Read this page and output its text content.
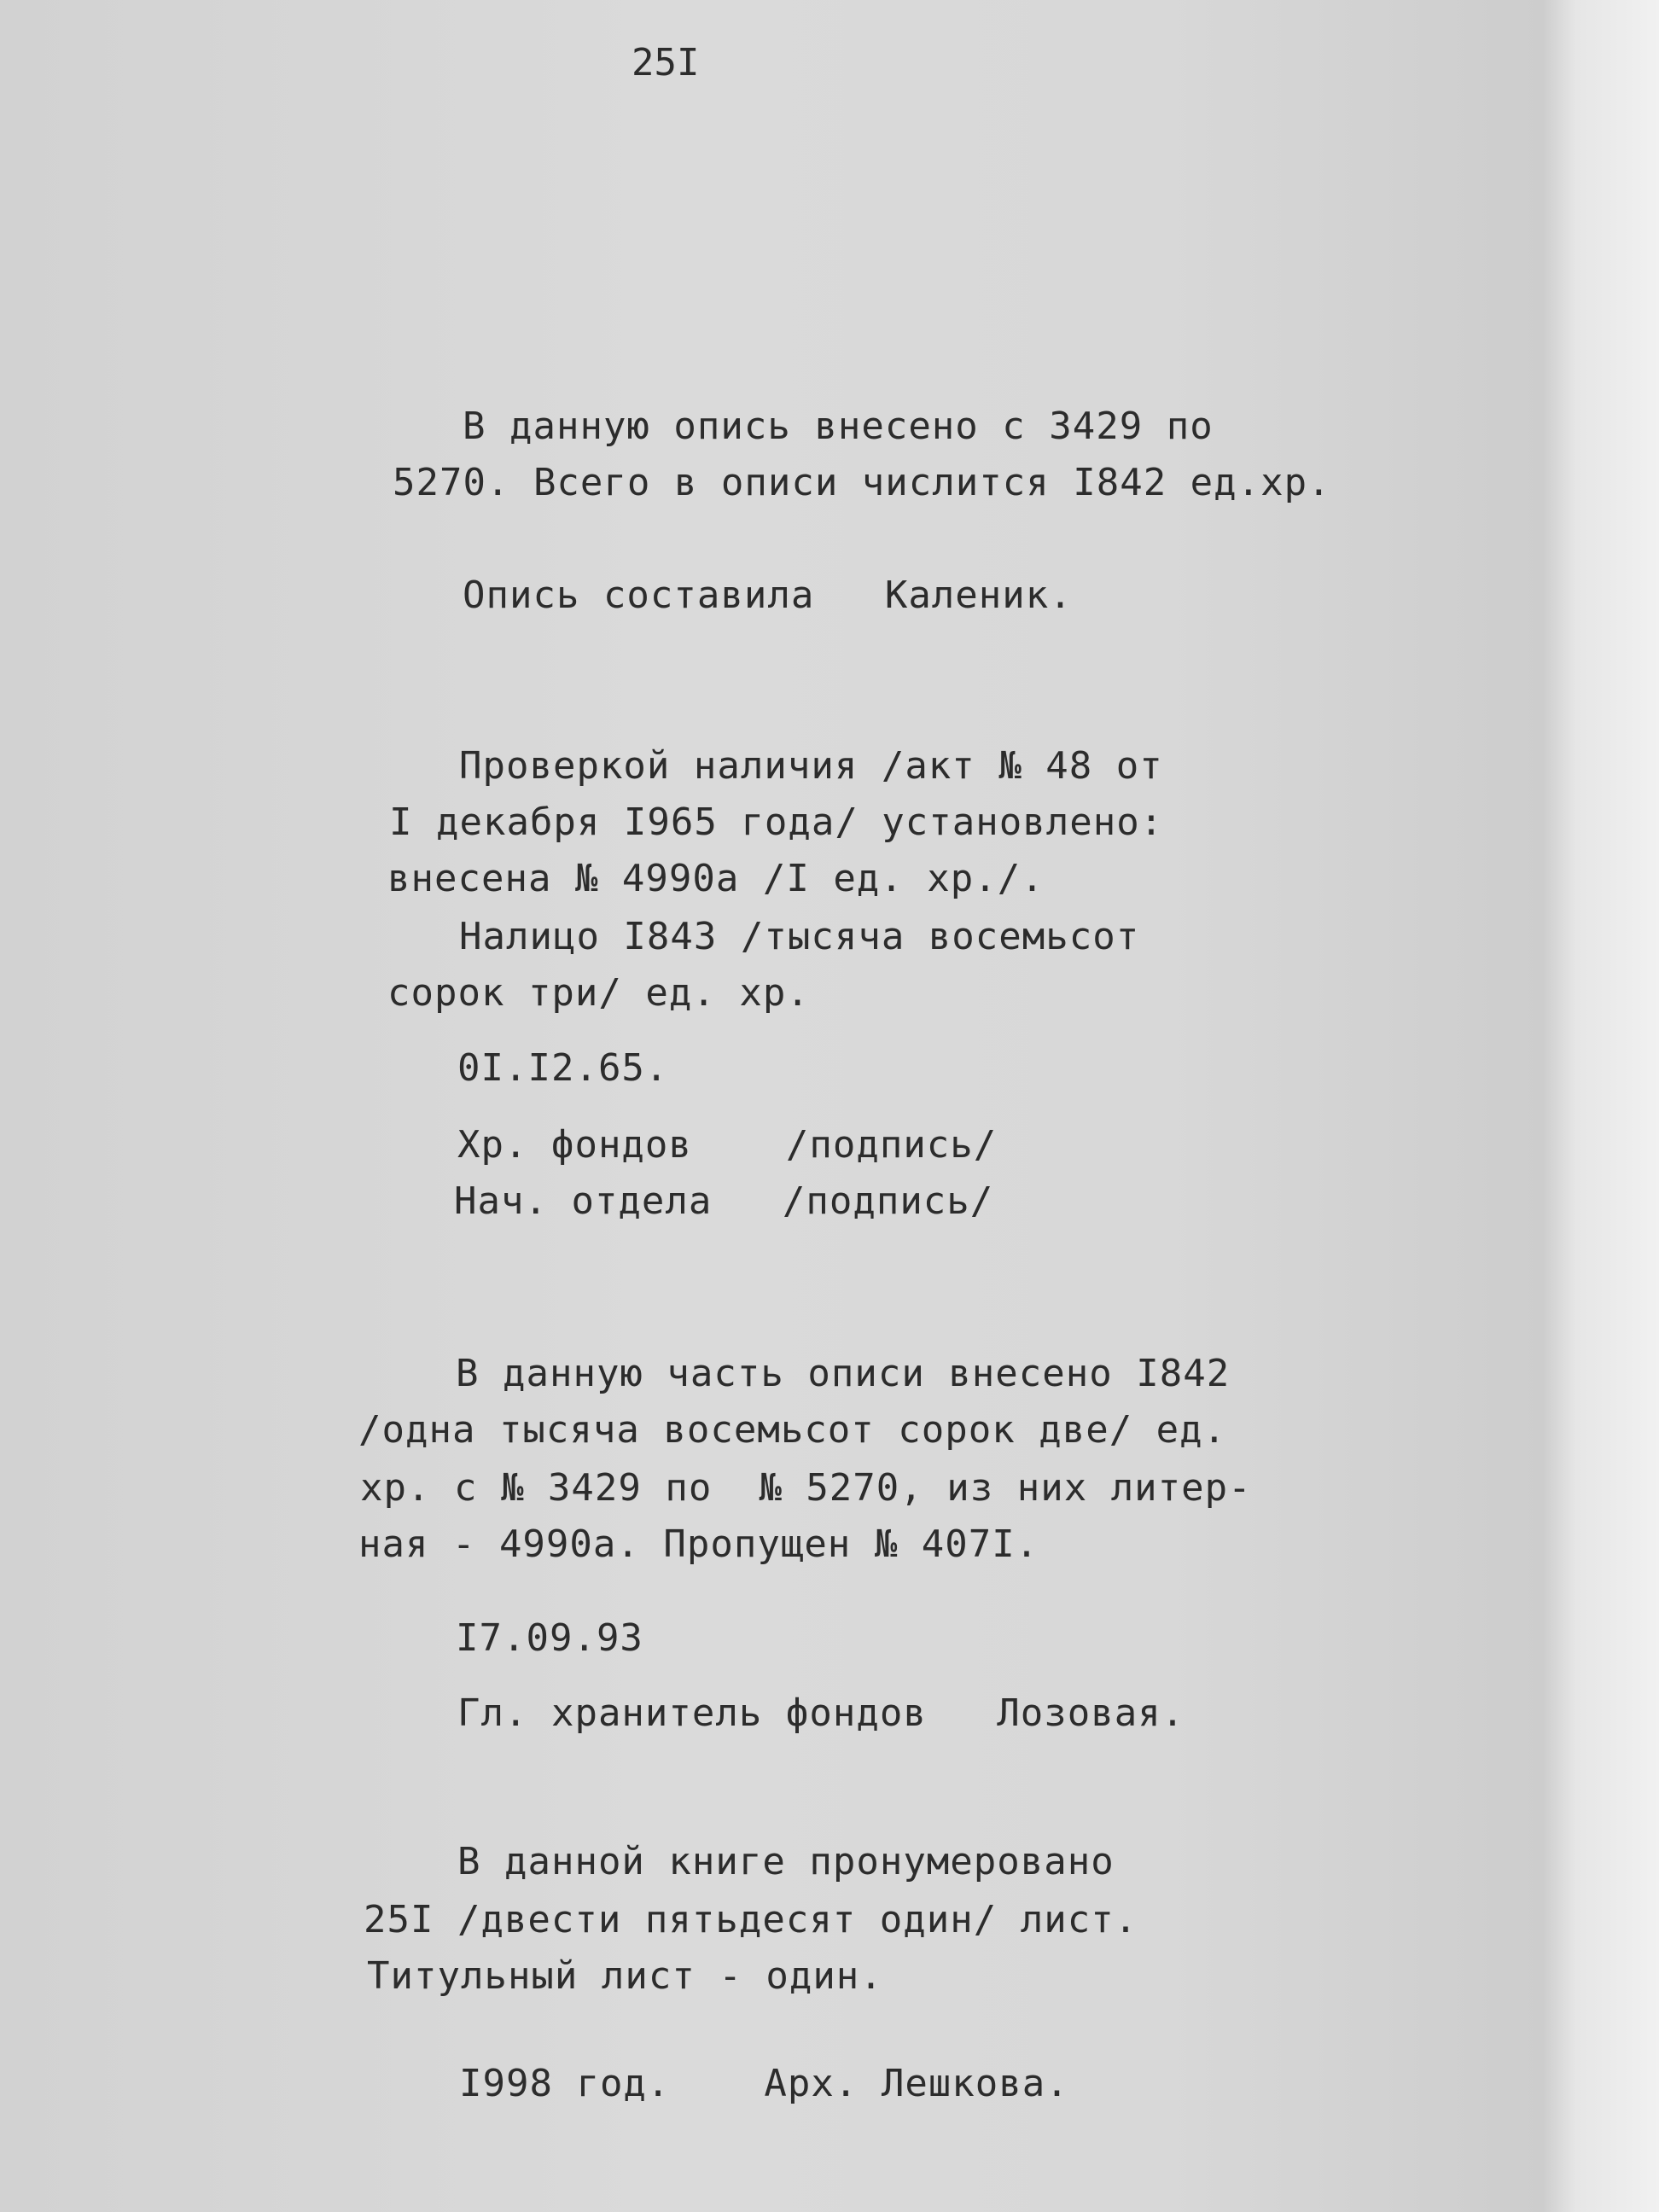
25I
В данную опись внесено с 3429 по
5270. Всего в описи числится I842 ед.хр.
Опись составила   Каленик.
Проверкой наличия /акт № 48 от
I декабря I965 года/ установлено:
внесена № 4990а /I ед. хр./.
Налицо I843 /тысяча восемьсот
сорок три/ ед. хр.
0I.I2.65.
Хр. фондов    /подпись/
Нач. отдела   /подпись/
В данную часть описи внесено I842
/одна тысяча восемьсот сорок две/ ед.
хр. с № 3429 по  № 5270, из них литер-
ная - 4990а. Пропущен № 407I.
I7.09.93
Гл. хранитель фондов   Лозовая.
В данной книге пронумеровано
25I /двести пятьдесят один/ лист.
Титульный лист - один.
I998 год.    Арх. Лешкова.
